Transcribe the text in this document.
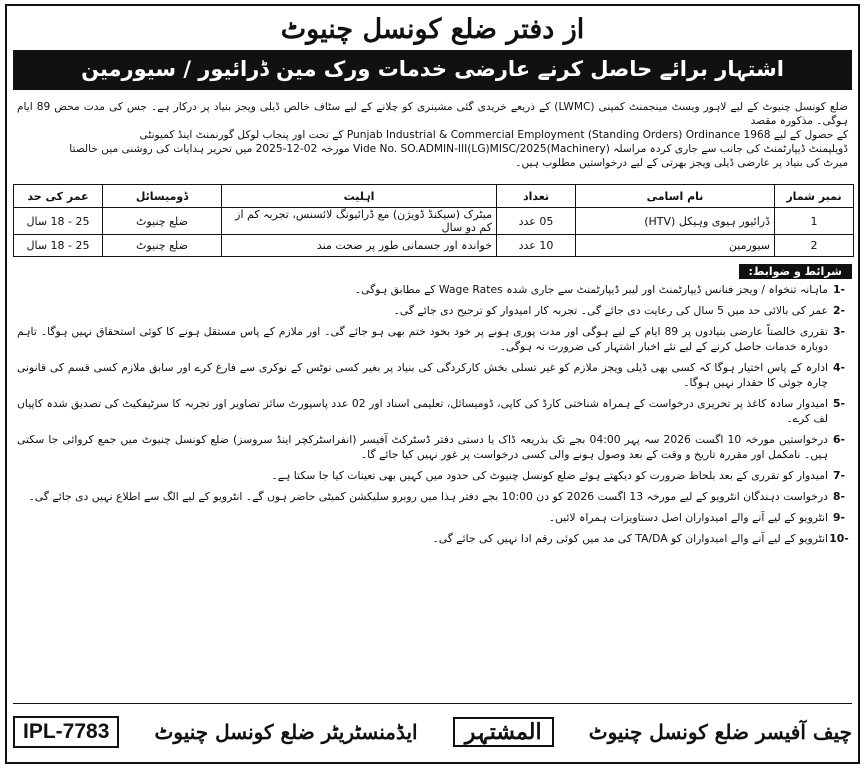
از دفتر ضلع کونسل چنیوٹ
اشتہار برائے حاصل کرنے عارضی خدمات ورک مین ڈرائیور / سیورمین

ضلع کونسل چنیوٹ کے لیے لاہور ویسٹ مینجمنٹ کمپنی (LWMC) کے ذریعے خریدی گئی مشینری کو چلانے کے لیے سٹاف خالص ڈیلی ویجز بنیاد پر درکار ہے۔ جس کی مدت محض 89 ایام ہوگی۔ مذکورہ مقصد

کے حصول کے لیے Punjab Industrial & Commercial Employment (Standing Orders) Ordinance 1968 کے تحت اور پنجاب لوکل گورنمنٹ اینڈ کمیونٹی

ڈویلپمنٹ ڈیپارٹمنٹ کی جانب سے جاری کردہ مراسلہ Vide No. SO.ADMIN-III(LG)MISC/2025(Machinery) مورخہ 02-12-2025 میں تحریر ہدایات کی روشنی میں خالصتا

میرٹ کی بنیاد پر عارضی ڈیلی ویجز بھرتی کے لیے درخواستیں مطلوب ہیں۔

نمبر شمار	نام اسامی	تعداد	اہلیت	ڈومیسائل	عمر کی حد
1	ڈرائیور ہیوی وہیکل (HTV)	05 عدد	میٹرک (سیکنڈ ڈویژن) مع ڈرائیونگ لائسنس، تجربہ کم از کم دو سال	ضلع چنیوٹ	25 - 18 سال
2	سیورمین	10 عدد	خواندہ اور جسمانی طور پر صحت مند	ضلع چنیوٹ	25 - 18 سال
شرائط و ضوابط:
-1
ماہانہ تنخواہ / ویجز فنانس ڈیپارٹمنٹ اور لیبر ڈیپارٹمنٹ سے جاری شدہ Wage Rates کے مطابق ہوگی۔
-2
عمر کی بالائی حد میں 5 سال کی رعایت دی جائے گی۔ تجربہ کار امیدوار کو ترجیح دی جائے گی۔
-3
تقرری خالصتاً عارضی بنیادوں پر 89 ایام کے لیے ہوگی اور مدت پوری ہونے پر خود بخود ختم بھی ہو جائے گی۔ اور ملازم کے پاس مستقل ہونے کا کوئی استحقاق نہیں ہوگا۔ تاہم دوبارہ خدمات حاصل کرنے کے لیے نئے اخبار اشتہار کی ضرورت نہ ہوگی۔
-4
ادارہ کے پاس اختیار ہوگا کہ کسی بھی ڈیلی ویجز ملازم کو غیر تسلی بخش کارکردگی کی بنیاد پر بغیر کسی نوٹس کے نوکری سے فارغ کرے اور سابق ملازم کسی قسم کی قانونی چارہ جوئی کا حقدار نہیں ہوگا۔
-5
امیدوار سادہ کاغذ پر تحریری درخواست کے ہمراہ شناختی کارڈ کی کاپی، ڈومیسائل، تعلیمی اسناد اور 02 عدد پاسپورٹ سائز تصاویر اور تجربہ کا سرٹیفکیٹ کی تصدیق شدہ کاپیاں لف کرے۔
-6
درخواستیں مورخہ 10 اگست 2026 سہ پہر 04:00 بجے تک بذریعہ ڈاک یا دستی دفتر ڈسٹرکٹ آفیسر (انفراسٹرکچر اینڈ سروسز) ضلع کونسل چنیوٹ میں جمع کروائی جا سکتی ہیں۔ نامکمل اور مقررہ تاریخ و وقت کے بعد وصول ہونے والی کسی درخواست پر غور نہیں کیا جائے گا۔
-7
امیدوار کو تقرری کے بعد بلحاظ ضرورت کو دیکھتے ہوئے ضلع کونسل چنیوٹ کی حدود میں کہیں بھی تعینات کیا جا سکتا ہے۔
-8
درخواست دہندگان انٹرویو کے لیے مورخہ 13 اگست 2026 کو دن 10:00 بجے دفتر ہذا میں روبرو سلیکشن کمیٹی حاضر ہوں گے۔ انٹرویو کے لیے الگ سے اطلاع نہیں دی جائے گی۔
-9
انٹرویو کے لیے آنے والے امیدواران اصل دستاویزات ہمراہ لائیں۔
-10
انٹرویو کے لیے آنے والے امیدواران کو TA/DA کی مد میں کوئی رقم ادا نہیں کی جائے گی۔
IPL-7783	ایڈمنسٹریٹر ضلع کونسل چنیوٹ	المشتہر	چیف آفیسر ضلع کونسل چنیوٹ
